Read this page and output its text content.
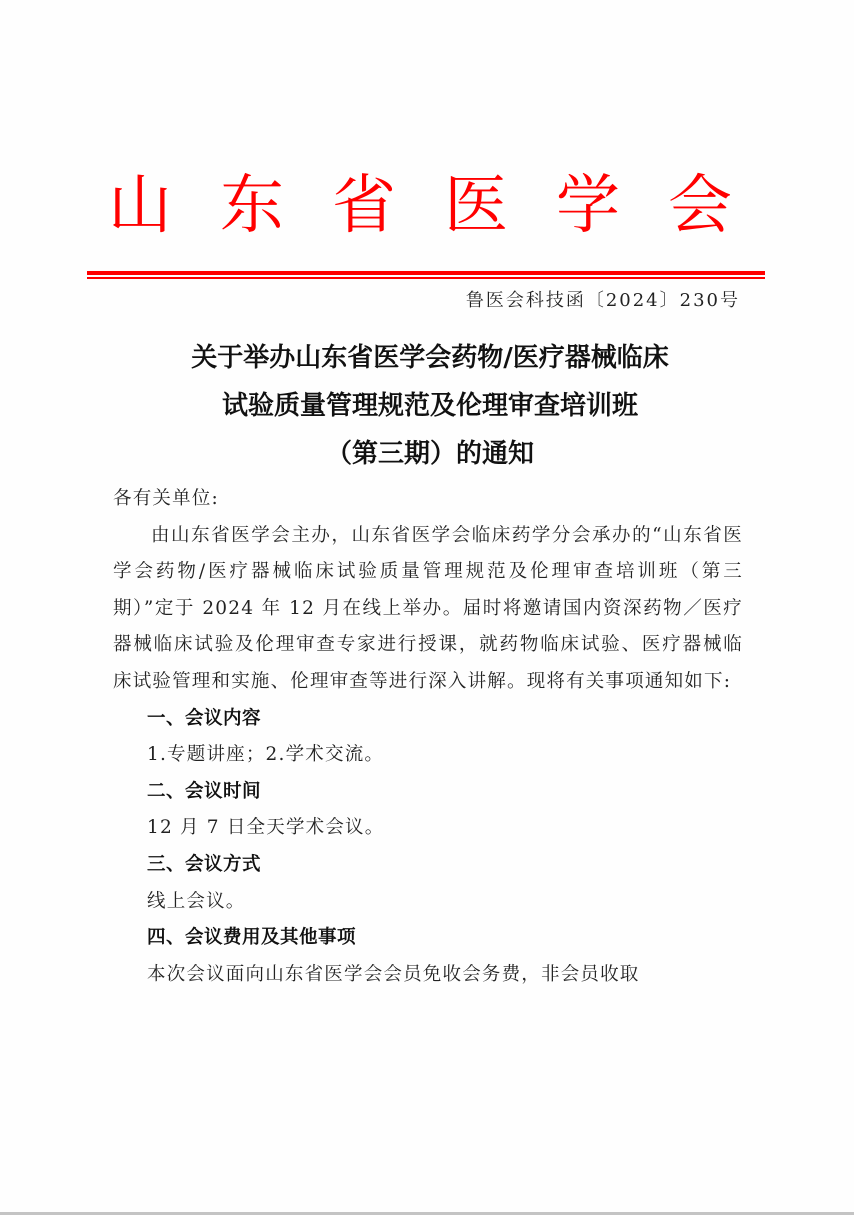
山 东 省 医 学 会
鲁医会科技函〔2024〕230号
关于举办山东省医学会药物/医疗器械临床
试验质量管理规范及伦理审查培训班
（第三期）的通知

各有关单位:

由山东省医学会主办，山东省医学会临床药学分会承办的“山东省医学会药物/医疗器械临床试验质量管理规范及伦理审查培训班（第三期）”定于 2024 年 12 月在线上举办。届时将邀请国内资深药物／医疗器械临床试验及伦理审查专家进行授课，就药物临床试验、医疗器械临床试验管理和实施、伦理审查等进行深入讲解。现将有关事项通知如下:

一、会议内容

1.专题讲座；2.学术交流。

二、会议时间

12 月 7 日全天学术会议。

三、会议方式

线上会议。

四、会议费用及其他事项

本次会议面向山东省医学会会员免收会务费，非会员收取
